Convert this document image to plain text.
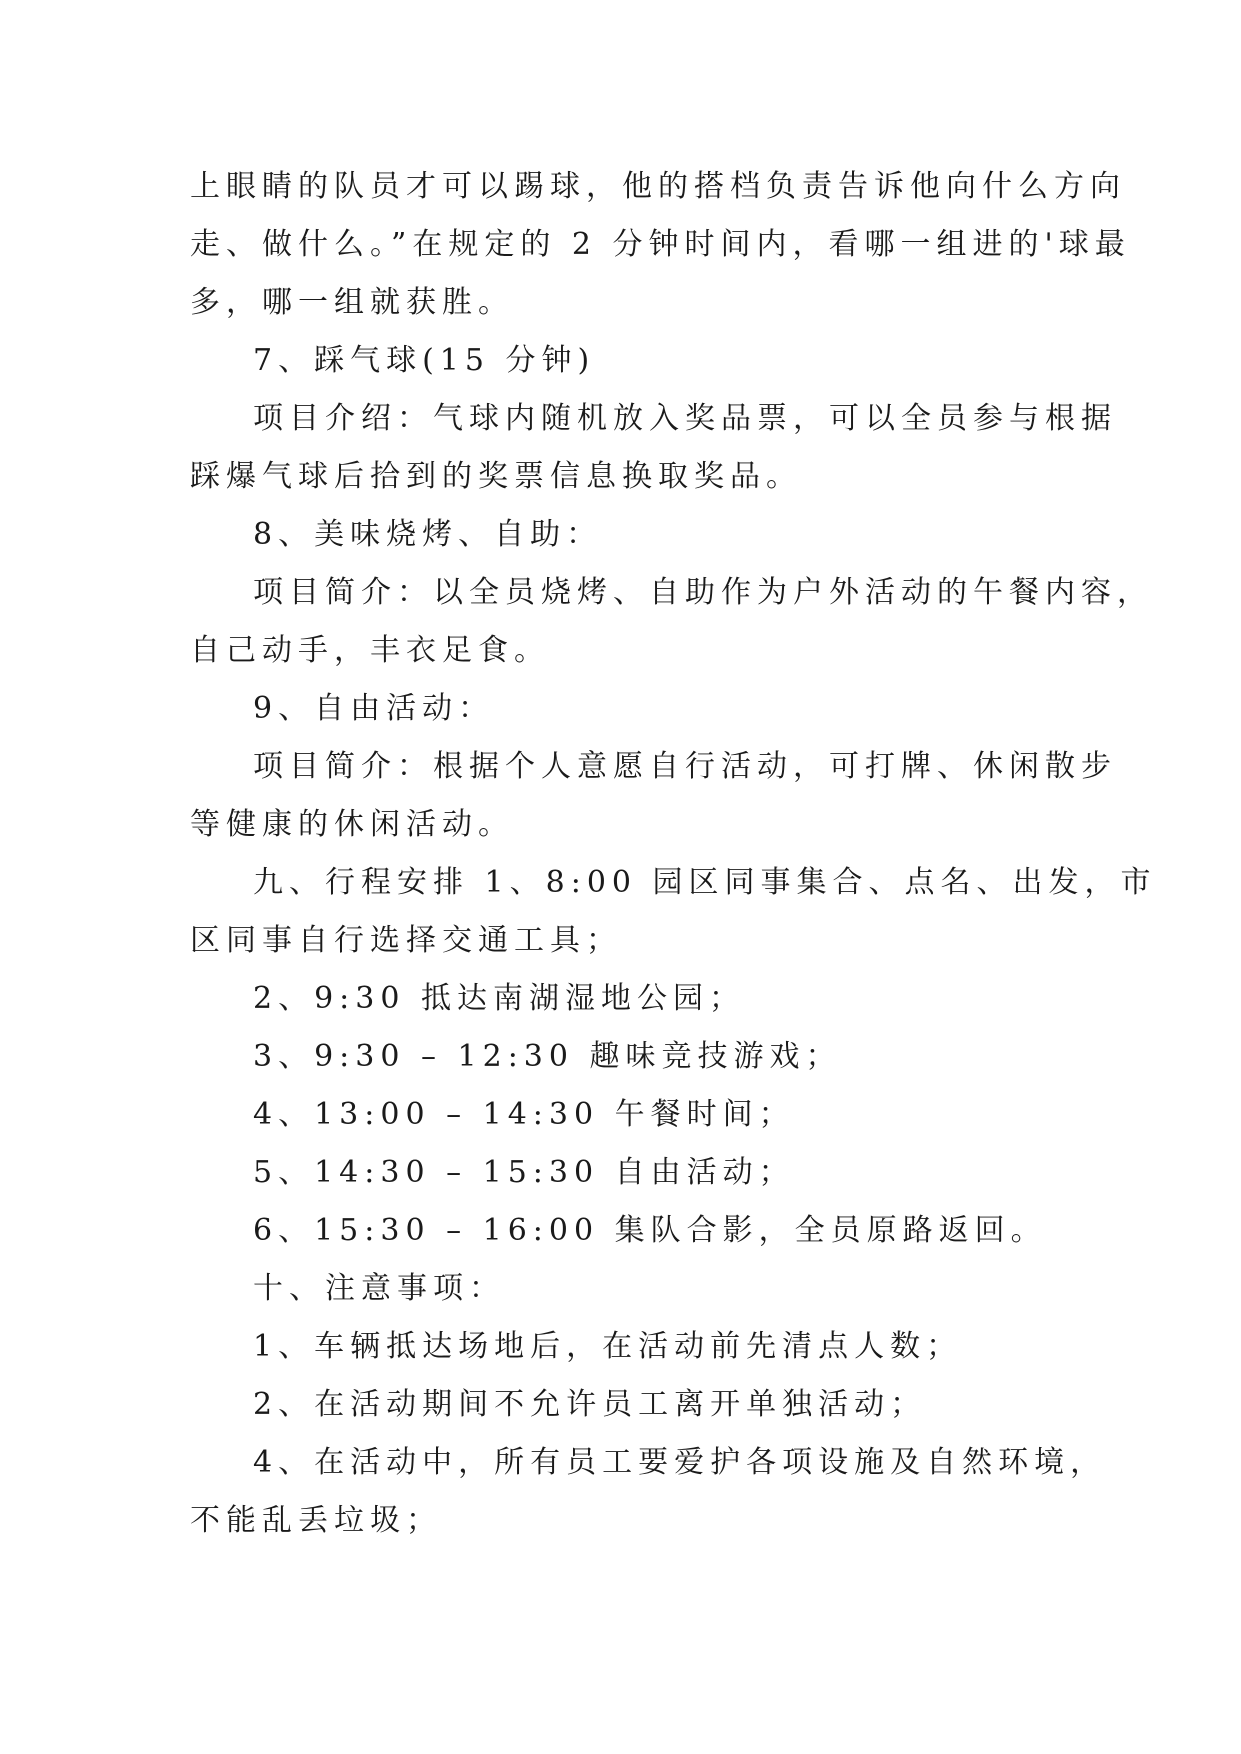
上眼睛的队员才可以踢球，他的搭档负责告诉他向什么方向
走、做什么。”在规定的 2 分钟时间内，看哪一组进的'球最
多，哪一组就获胜。
7、踩气球(15 分钟)
项目介绍：气球内随机放入奖品票，可以全员参与根据
踩爆气球后拾到的奖票信息换取奖品。
8、美味烧烤、自助：
项目简介：以全员烧烤、自助作为户外活动的午餐内容，
自己动手，丰衣足食。
9、自由活动：
项目简介：根据个人意愿自行活动，可打牌、休闲散步
等健康的休闲活动。
九、行程安排 1、8:00 园区同事集合、点名、出发，市
区同事自行选择交通工具；
2、9:30 抵达南湖湿地公园；
3、9:30 – 12:30 趣味竞技游戏；
4、13:00 – 14:30 午餐时间；
5、14:30 – 15:30 自由活动；
6、15:30 – 16:00 集队合影，全员原路返回。
十、注意事项：
1、车辆抵达场地后，在活动前先清点人数；
2、在活动期间不允许员工离开单独活动；
4、在活动中，所有员工要爱护各项设施及自然环境，
不能乱丢垃圾；
